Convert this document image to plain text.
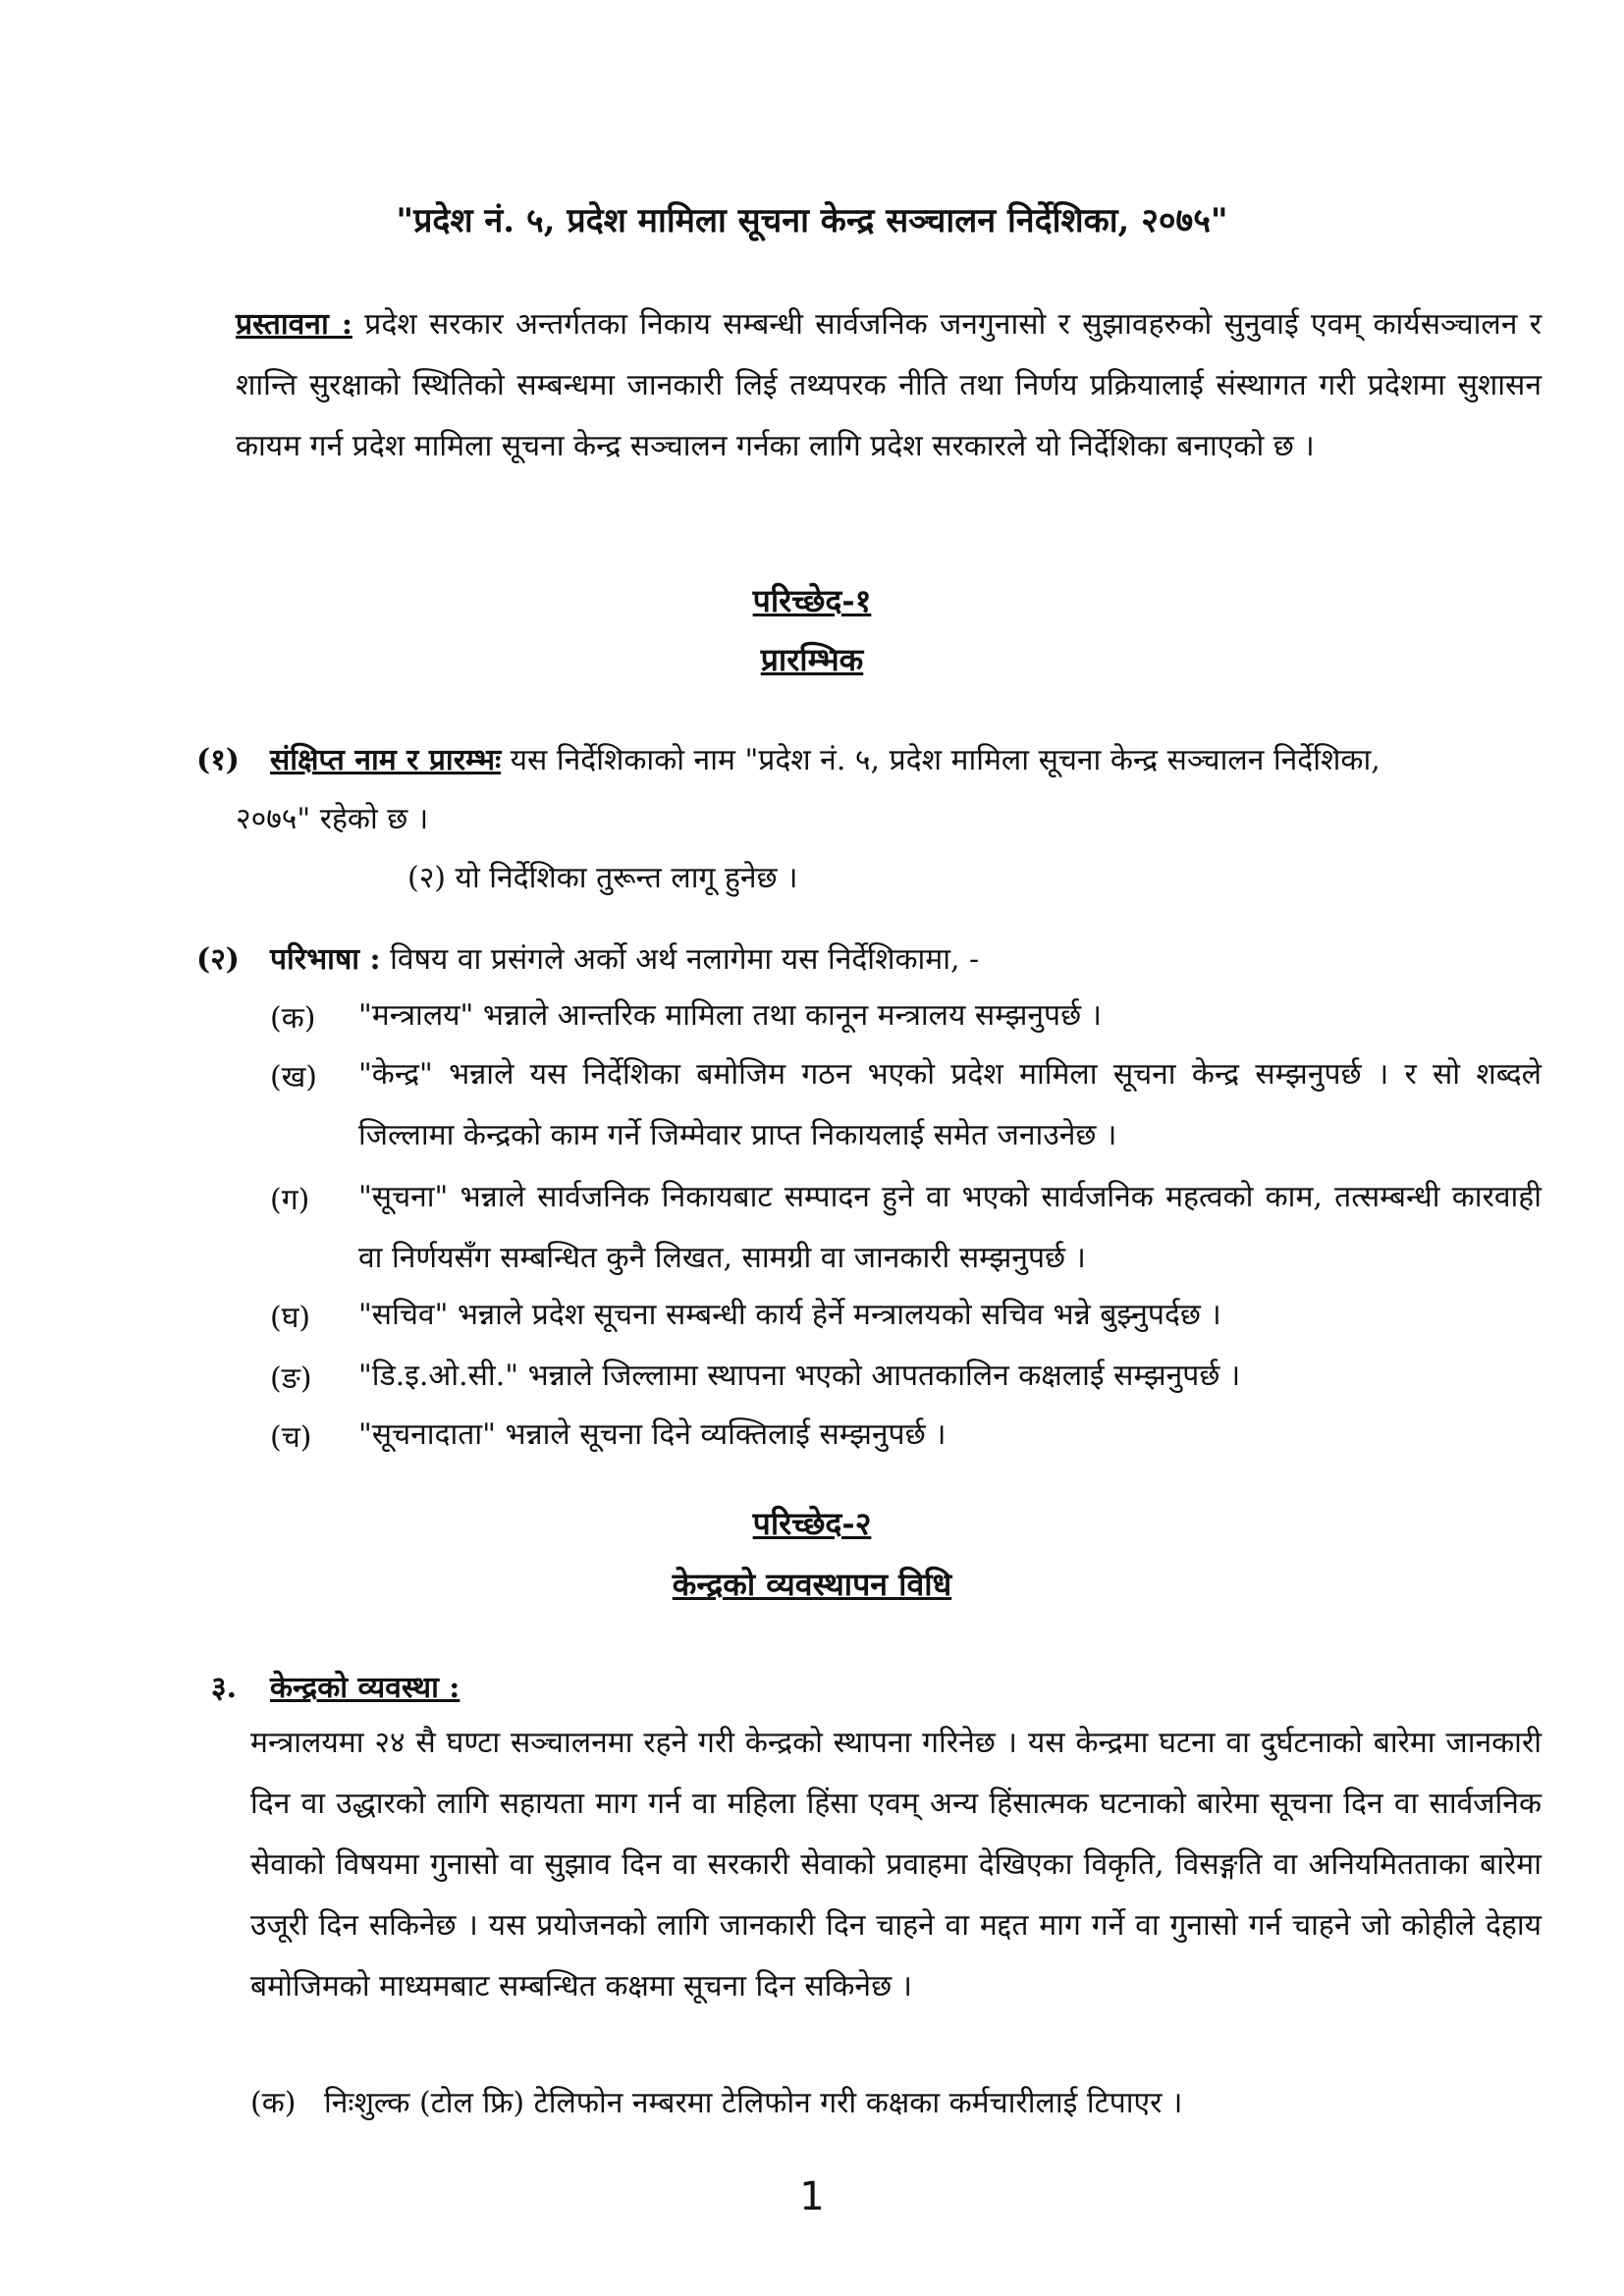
"प्रदेश नं. ५, प्रदेश मामिला सूचना केन्द्र सञ्चालन निर्देशिका, २०७५"

प्रस्तावना : प्रदेश सरकार अन्तर्गतका निकाय सम्बन्धी सार्वजनिक जनगुनासो र सुझावहरुको सुनुवाई एवम् कार्यसञ्चालन र शान्ति सुरक्षाको स्थितिको सम्बन्धमा जानकारी लिई तथ्यपरक नीति तथा निर्णय प्रक्रियालाई संस्थागत गरी प्रदेशमा सुशासन कायम गर्न प्रदेश मामिला सूचना केन्द्र सञ्चालन गर्नका लागि प्रदेश सरकारले यो निर्देशिका बनाएको छ ।

परिच्छेद-१
प्रारम्भिक
(१) संक्षिप्त नाम र प्रारम्भः यस निर्देशिकाको नाम "प्रदेश नं. ५, प्रदेश मामिला सूचना केन्द्र सञ्चालन निर्देशिका,
२०७५" रहेको छ ।
(२) यो निर्देशिका तुरून्त लागू हुनेछ ।
(२) परिभाषा : विषय वा प्रसंगले अर्को अर्थ नलागेमा यस निर्देशिकामा, -
(क) "मन्त्रालय" भन्नाले आन्तरिक मामिला तथा कानून मन्त्रालय सम्झनुपर्छ ।

(ख) "केन्द्र" भन्नाले यस निर्देशिका बमोजिम गठन भएको प्रदेश मामिला सूचना केन्द्र सम्झनुपर्छ । र सो शब्दले जिल्लामा केन्द्रको काम गर्ने जिम्मेवार प्राप्त निकायलाई समेत जनाउनेछ ।

(ग) "सूचना" भन्नाले सार्वजनिक निकायबाट सम्पादन हुने वा भएको सार्वजनिक महत्वको काम, तत्सम्बन्धी कारवाही वा निर्णयसँग सम्बन्धित कुनै लिखत, सामग्री वा जानकारी सम्झनुपर्छ ।

(घ) "सचिव" भन्नाले प्रदेश सूचना सम्बन्धी कार्य हेर्ने मन्त्रालयको सचिव भन्ने बुझ्नुपर्दछ ।

(ङ) "डि.इ.ओ.सी." भन्नाले जिल्लामा स्थापना भएको आपतकालिन कक्षलाई सम्झनुपर्छ ।

(च) "सूचनादाता" भन्नाले सूचना दिने व्यक्तिलाई सम्झनुपर्छ ।

परिच्छेद-२
केन्द्रको व्यवस्थापन विधि
३. केन्द्रको व्यवस्था :

मन्त्रालयमा २४ सै घण्टा सञ्चालनमा रहने गरी केन्द्रको स्थापना गरिनेछ । यस केन्द्रमा घटना वा दुर्घटनाको बारेमा जानकारी दिन वा उद्धारको लागि सहायता माग गर्न वा महिला हिंसा एवम् अन्य हिंसात्मक घटनाको बारेमा सूचना दिन वा सार्वजनिक सेवाको विषयमा गुनासो वा सुझाव दिन वा सरकारी सेवाको प्रवाहमा देखिएका विकृति, विसङ्गति वा अनियमितताका बारेमा उजूरी दिन सकिनेछ । यस प्रयोजनको लागि जानकारी दिन चाहने वा मद्दत माग गर्ने वा गुनासो गर्न चाहने जो कोहीले देहाय बमोजिमको माध्यमबाट सम्बन्धित कक्षमा सूचना दिन सकिनेछ ।

(क) निःशुल्क (टोल फ्रि) टेलिफोन नम्बरमा टेलिफोन गरी कक्षका कर्मचारीलाई टिपाएर ।
1
